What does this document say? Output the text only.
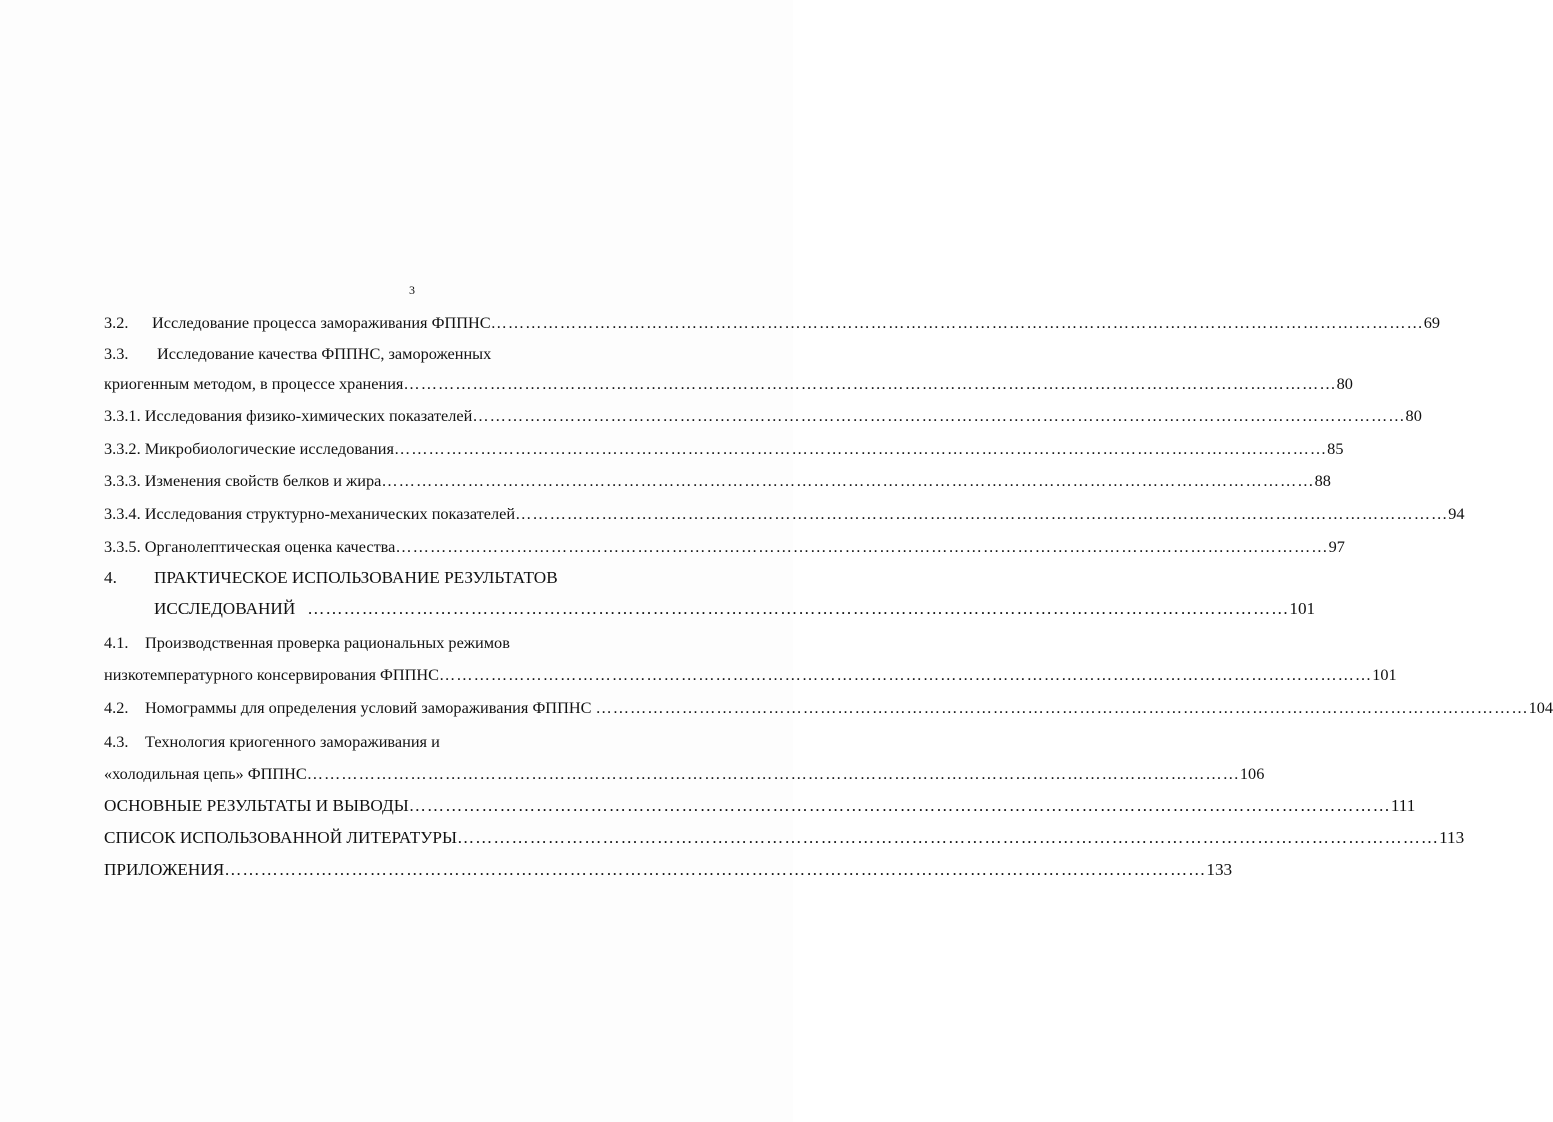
3
3.2. Исследование процесса замораживания ФППНС ……………………………………………………………………………………………………………………………………………… 69
3.3. Исследование качества ФППНС, замороженных
криогенным методом, в процессе хранения ……………………………………………………………………………………………………………………………………………… 80
3.3.1. Исследования физико-химических показателей ……………………………………………………………………………………………………………………………………………… 80
3.3.2. Микробиологические исследования ……………………………………………………………………………………………………………………………………………… 85
3.3.3. Изменения свойств белков и жира ……………………………………………………………………………………………………………………………………………… 88
3.3.4. Исследования структурно-механических показателей ……………………………………………………………………………………………………………………………………………… 94
3.3.5. Органолептическая оценка качества ……………………………………………………………………………………………………………………………………………… 97
4. ПРАКТИЧЕСКОЕ ИСПОЛЬЗОВАНИЕ РЕЗУЛЬТАТОВ
ИССЛЕДОВАНИЙ ……………………………………………………………………………………………………………………………………………… 101
4.1. Производственная проверка рациональных режимов
низкотемпературного консервирования ФППНС ……………………………………………………………………………………………………………………………………………… 101
4.2. Номограммы для определения условий замораживания ФППНС ……………………………………………………………………………………………………………………………………………… 104
4.3. Технология криогенного замораживания и
«холодильная цепь» ФППНС ……………………………………………………………………………………………………………………………………………… 106
ОСНОВНЫЕ РЕЗУЛЬТАТЫ И ВЫВОДЫ ……………………………………………………………………………………………………………………………………………… 111
СПИСОК ИСПОЛЬЗОВАННОЙ ЛИТЕРАТУРЫ ……………………………………………………………………………………………………………………………………………… 113
ПРИЛОЖЕНИЯ ……………………………………………………………………………………………………………………………………………… 133
